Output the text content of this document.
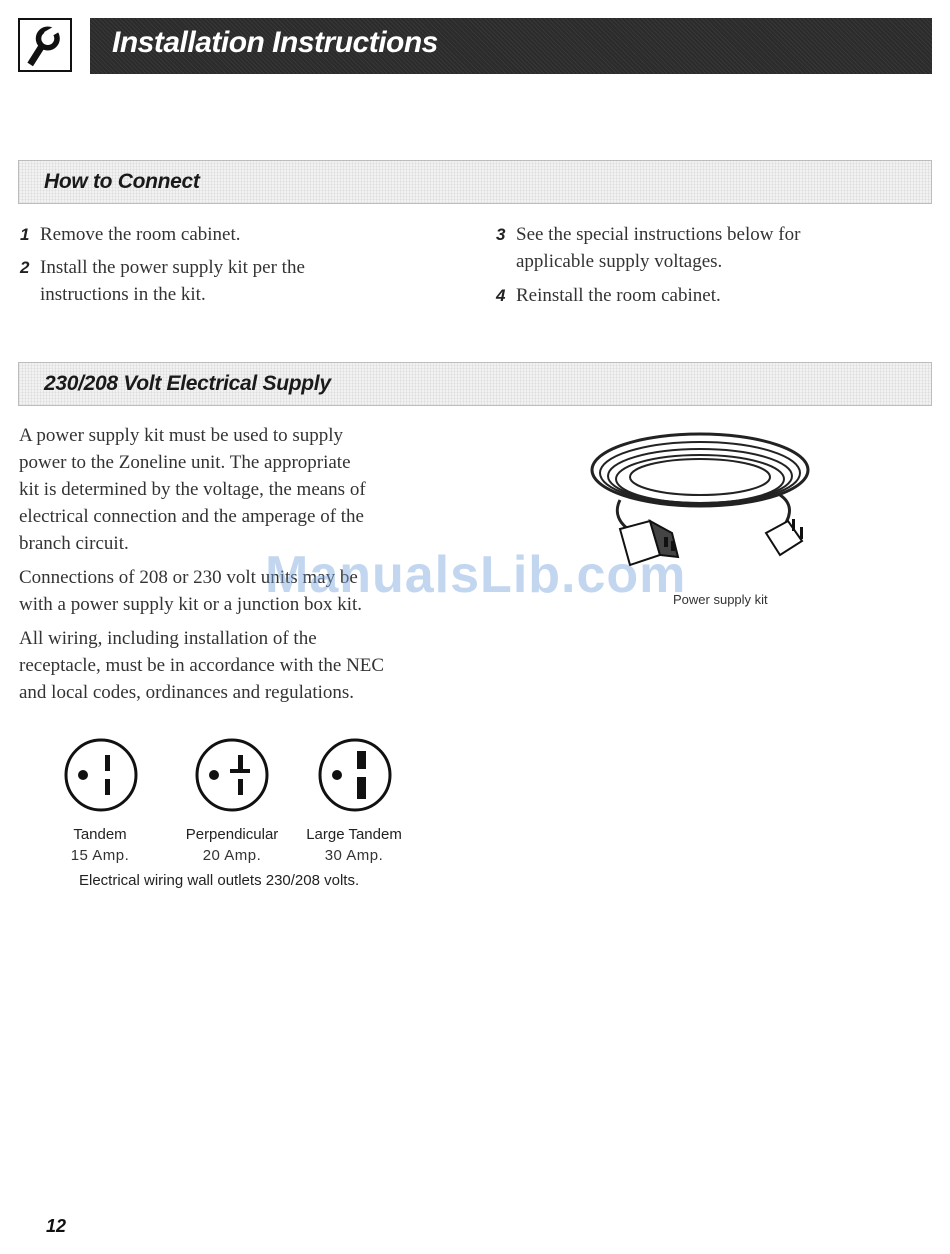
Installation Instructions
How to Connect
1 Remove the room cabinet.
2 Install the power supply kit per the
instructions in the kit.
3 See the special instructions below for
applicable supply voltages.
4 Reinstall the room cabinet.
230/208 Volt Electrical Supply
A power supply kit must be used to supply
power to the Zoneline unit. The appropriate
kit is determined by the voltage, the means of
electrical connection and the amperage of the
branch circuit.
Connections of 208 or 230 volt units may be
with a power supply kit or a junction box kit.
All wiring, including installation of the
receptacle, must be in accordance with the NEC
and local codes, ordinances and regulations.
Power supply kit
ManualsLib.com
Tandem
15 Amp.
Perpendicular
20 Amp.
Large Tandem
30 Amp.
Electrical wiring wall outlets 230/208 volts.
12
